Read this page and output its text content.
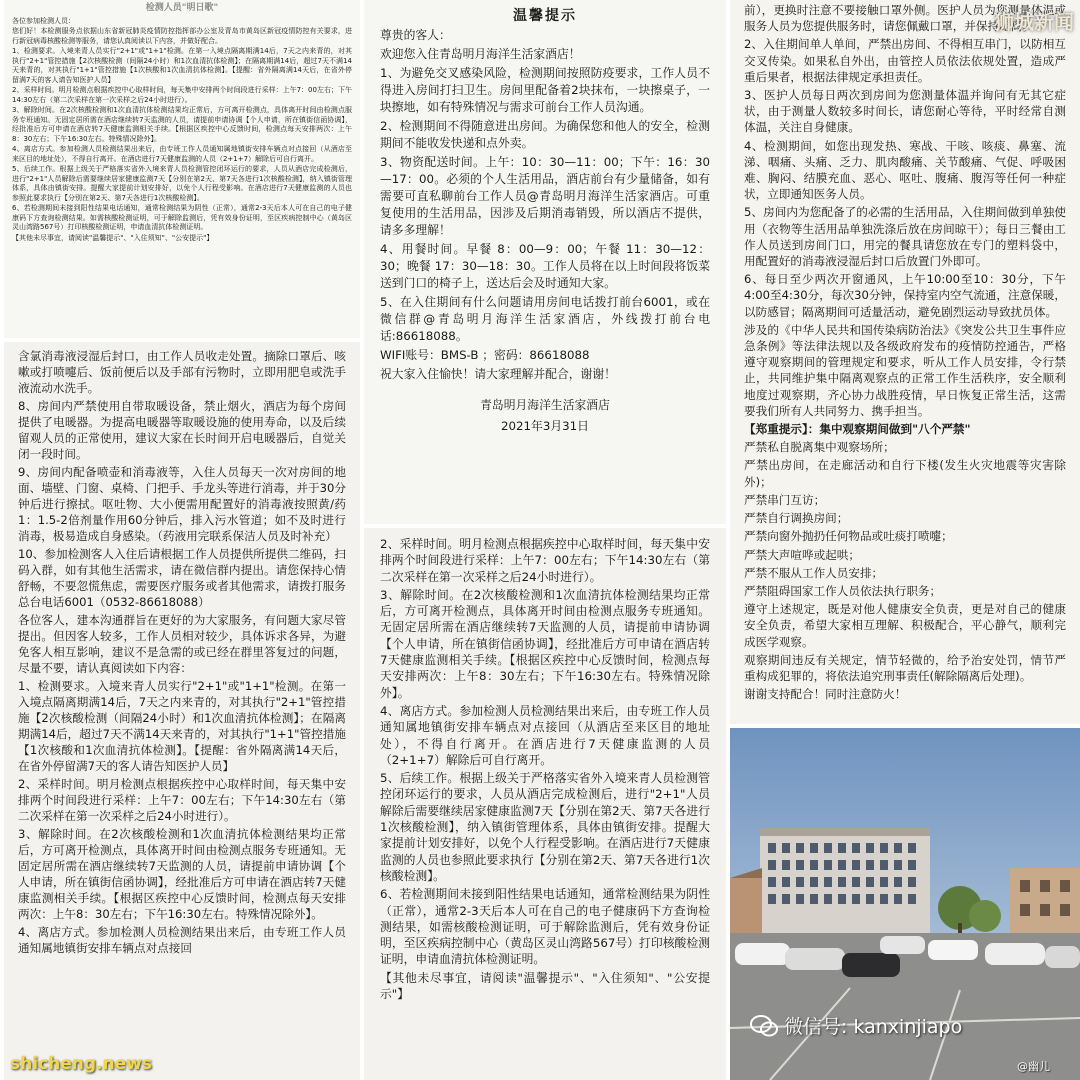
狮城新闻

检测人员"明日歌"

各位参加检测人员：

您们好！本检测服务点依据山东省新冠肺炎疫情防控指挥部办公室及青岛市黄岛区新冠疫情防控有关要求，进行新冠病毒核酸检测等服务，请您认真阅读以下内容，并做好配合。

1、检测要求。入境来青人员实行"2+1"或"1+1"检测。在第一入境点隔离期满14后，7天之内来青的，对其执行"2+1"管控措施【2次核酸检测（间隔24小时）和1次血清抗体检测】；在隔离期满14后，超过7天不满14天来青的，对其执行"1+1"管控措施【1次核酸和1次血清抗体检测】。【提醒：省外隔离满14天后，在省外停留满7天的客人请告知医护人员】

2、采样时间。明月检测点根据疾控中心取样时间，每天集中安排两个时间段进行采样：上午7：00左右；下午14:30左右（第二次采样在第一次采样之后24小时进行）。

3、解除时间。在2次核酸检测和1次血清抗体检测结果均正常后，方可离开检测点，具体离开时间由检测点服务专班通知。无固定居所需在酒店继续转7天监测的人员，请提前申请协调【个人申请，所在镇街信函协调】，经批准后方可申请在酒店转7天健康监测相关手续。【根据区疾控中心反馈时间，检测点每天安排两次：上午8：30左右；下午16:30左右。特殊情况除外】。

4、离店方式。参加检测人员检测结果出来后，由专班工作人员通知属地镇街安排车辆点对点接回（从酒店至来区目的地址处），不得自行离开。在酒店进行7天健康监测的人员（2+1+7）解除后可自行离开。

5、后续工作。根据上级关于严格落实省外入境来青人员检测管控闭环运行的要求，人员从酒店完成检测后，进行"2+1"人员解除后需要继续居家健康监测7天【分别在第2天、第7天各进行1次核酸检测】，纳入镇街管理体系，具体由镇街安排。提醒大家提前计划安排好，以免个人行程受影响。在酒店进行7天健康监测的人员也参照此要求执行【分别在第2天、第7天各进行1次核酸检测】。

6、若检测期间未接到阳性结果电话通知，通常检测结果为阴性（正常），通常2-3天后本人可在自己的电子健康码下方查询检测结果。如需核酸检测证明，可于解除监测后，凭有效身份证明，至区疾病控制中心（黄岛区灵山湾路567号）打印核酸检测证明，申请血清抗体检测证明。

【其他未尽事宜，请阅读"温馨提示"、"入住须知"、"公安提示"】

含氯消毒液浸湿后封口，由工作人员收走处置。摘除口罩后、咳嗽或打喷嚏后、饭前便后以及手部有污物时，立即用肥皂或洗手液流动水洗手。

8、房间内严禁使用自带取暖设备，禁止烟火，酒店为每个房间提供了电暖器。为提高电暖器等取暖设施的使用寿命，以及后续留观人员的正常使用，建议大家在长时间开启电暖器后，自觉关闭一段时间。

9、房间内配备喷壶和消毒液等，入住人员每天一次对房间的地面、墙壁、门窗、桌椅、门把手、手龙头等进行消毒，并于30分钟后进行擦拭。呕吐物、大小便需用配置好的消毒液按照黄/药1：1.5-2倍剂量作用60分钟后，排入污水管道；如不及时进行消毒，极易造成自身感染。（药液用完联系保洁人员及时补充）

10、参加检测客人入住后请根据工作人员提供所提供二维码，扫码入群，如有其他生活需求，请在微信群内提出。请您保持心情舒畅，不要忽慌焦虑，需要医疗服务或者其他需求，请拨打服务总台电话6001（0532-86618088）

各位客人，建本沟通群旨在更好的为大家服务，有问题大家尽管提出。但因客人较多，工作人员相对较少，具体诉求各异，为避免客人相互影响，建议不是急需的或已经在群里答复过的问题，尽量不要，请认真阅读如下内容：

1、检测要求。入境来青人员实行"2+1"或"1+1"检测。在第一入境点隔离期满14后，7天之内来青的，对其执行"2+1"管控措施【2次核酸检测（间隔24小时）和1次血清抗体检测】；在隔离期满14后，超过7天不满14天来青的，对其执行"1+1"管控措施【1次核酸和1次血清抗体检测】。【提醒：省外隔离满14天后，在省外停留满7天的客人请告知医护人员】

2、采样时间。明月检测点根据疾控中心取样时间，每天集中安排两个时间段进行采样：上午7：00左右；下午14:30左右（第二次采样在第一次采样之后24小时进行）。

3、解除时间。在2次核酸检测和1次血清抗体检测结果均正常后，方可离开检测点，具体离开时间由检测点服务专班通知。无固定居所需在酒店继续转7天监测的人员，请提前申请协调【个人申请，所在镇街信函协调】，经批准后方可申请在酒店转7天健康监测相关手续。【根据区疾控中心反馈时间，检测点每天安排两次：上午8：30左右；下午16:30左右。特殊情况除外】。

4、离店方式。参加检测人员检测结果出来后，由专班工作人员通知属地镇街安排车辆点对点接回

温馨提示

尊贵的客人：

欢迎您入住青岛明月海洋生活家酒店！

1、为避免交叉感染风险，检测期间按照防疫要求，工作人员不得进入房间打扫卫生。房间里配备着2块抹布，一块擦桌子，一块擦地，如有特殊情况与需求可前台工作人员沟通。

2、检测期间不得随意进出房间。为确保您和他人的安全，检测期间不能收发快递和点外卖。

3、物资配送时间。上午：10：30—11：00；下午：16：30—17：00。必须的个人生活用品，酒店前台有少量储备，如有需要可直私聊前台工作人员@青岛明月海洋生活家酒店。可重复使用的生活用品，因涉及后期消毒销毁，所以酒店不提供，请多多理解！

4、用餐时间。早餐 8：00—9：00；午餐 11：30—12：30；晚餐 17：30—18：30。工作人员将在以上时间段将饭菜送到门口的椅子上，送达后会及时通知大家。

5、在入住期间有什么问题请用房间电话拨打前台6001，或在微信群@青岛明月海洋生活家酒店，外线拨打前台电话:86618088。

WIFI账号：BMS-B ；密码：86618088

祝大家入住愉快！请大家理解并配合，谢谢！

青岛明月海洋生活家酒店

2021年3月31日

2、采样时间。明月检测点根据疾控中心取样时间，每天集中安排两个时间段进行采样：上午7：00左右；下午14:30左右（第二次采样在第一次采样之后24小时进行）。

3、解除时间。在2次核酸检测和1次血清抗体检测结果均正常后，方可离开检测点，具体离开时间由检测点服务专班通知。无固定居所需在酒店继续转7天监测的人员，请提前申请协调【个人申请，所在镇街信函协调】，经批准后方可申请在酒店转7天健康监测相关手续。【根据区疾控中心反馈时间，检测点每天安排两次：上午8：30左右；下午16:30左右。特殊情况除外】。

4、离店方式。参加检测人员检测结果出来后，由专班工作人员通知属地镇街安排车辆点对点接回（从酒店至来区目的地址处），不得自行离开。在酒店进行7天健康监测的人员（2+1+7）解除后可自行离开。

5、后续工作。根据上级关于严格落实省外入境来青人员检测管控闭环运行的要求，人员从酒店完成检测后，进行"2+1"人员解除后需要继续居家健康监测7天【分别在第2天、第7天各进行1次核酸检测】，纳入镇街管理体系，具体由镇街安排。提醒大家提前计划安排好，以免个人行程受影响。在酒店进行7天健康监测的人员也参照此要求执行【分别在第2天、第7天各进行1次核酸检测】。

6、若检测期间未接到阳性结果电话通知，通常检测结果为阴性（正常），通常2-3天后本人可在自己的电子健康码下方查询检测结果，如需核酸检测证明，可于解除监测后，凭有效身份证明，至区疾病控制中心（黄岛区灵山湾路567号）打印核酸检测证明，申请血清抗体检测证明。

【其他未尽事宜，请阅读"温馨提示"、"入住须知"、"公安提示"】

前），更换时注意不要接触口罩外侧。医护人员为您测量体温或服务人员为您提供服务时，请您佩戴口罩，并保持距离。

2、入住期间单人单间，严禁出房间、不得相互串门，以防相互交叉传染。如果私自外出，由管控人员依法依规处置，造成严重后果者，根据法律规定承担责任。

3、医护人员每日两次到房间为您测量体温并询问有无其它症状，由于测量人数较多时间长，请您耐心等待，平时经常自测体温，关注自身健康。

4、检测期间，如您出现发热、寒战、干咳、咳痰、鼻塞、流涕、咽痛、头痛、乏力、肌肉酸痛、关节酸痛、气促、呼吸困难、胸闷、结膜充血、恶心、呕吐、腹痛、腹泻等任何一种症状，立即通知医务人员。

5、房间内为您配备了的必需的生活用品，入住期间做到单独使用（衣物等生活用品单独洗涤后放在房间晾干）；每日三餐由工作人员送到房间门口，用完的餐具请您放在专门的塑料袋中，用配置好的消毒液浸湿后封口后放置门外即可。

6、每日至少两次开窗通风，上午10:00至10：30分，下午4:00至4:30分，每次30分钟，保持室内空气流通，注意保暖，以防感冒；隔离期间可适量活动，避免剧烈运动导致扰员体。

涉及的《中华人民共和国传染病防治法》《突发公共卫生事件应急条例》等法律法规以及各级政府发布的疫情防控通告，严格遵守观察期间的管理规定和要求，听从工作人员安排，令行禁止，共同维护集中隔离观察点的正常工作生活秩序，安全顺利地度过观察期，齐心协力战胜疫情，早日恢复正常生活，这需要我们所有人共同努力、携手担当。

【郑重提示】：集中观察期间做到"八个严禁"

严禁私自脱离集中观察场所；

严禁出房间，在走廊活动和自行下楼(发生火灾地震等灾害除外)；

严禁串门互访；

严禁自行调换房间；

严禁向窗外抛扔任何物品或吐痰打喷嚏；

严禁大声喧哗或起哄；

严禁不服从工作人员安排；

严禁阻碍国家工作人员依法执行职务；

遵守上述规定，既是对他人健康安全负责，更是对自己的健康安全负责，希望大家相互理解、积极配合，平心静气，顺利完成医学观察。

观察期间违反有关规定，情节轻微的，给予治安处罚，情节严重构成犯罪的，将依法追究刑事责任(解除隔离后处理)。

谢谢支持配合！同时注意防火！

微信号: kanxinjiapo
@幽儿
shicheng.news
